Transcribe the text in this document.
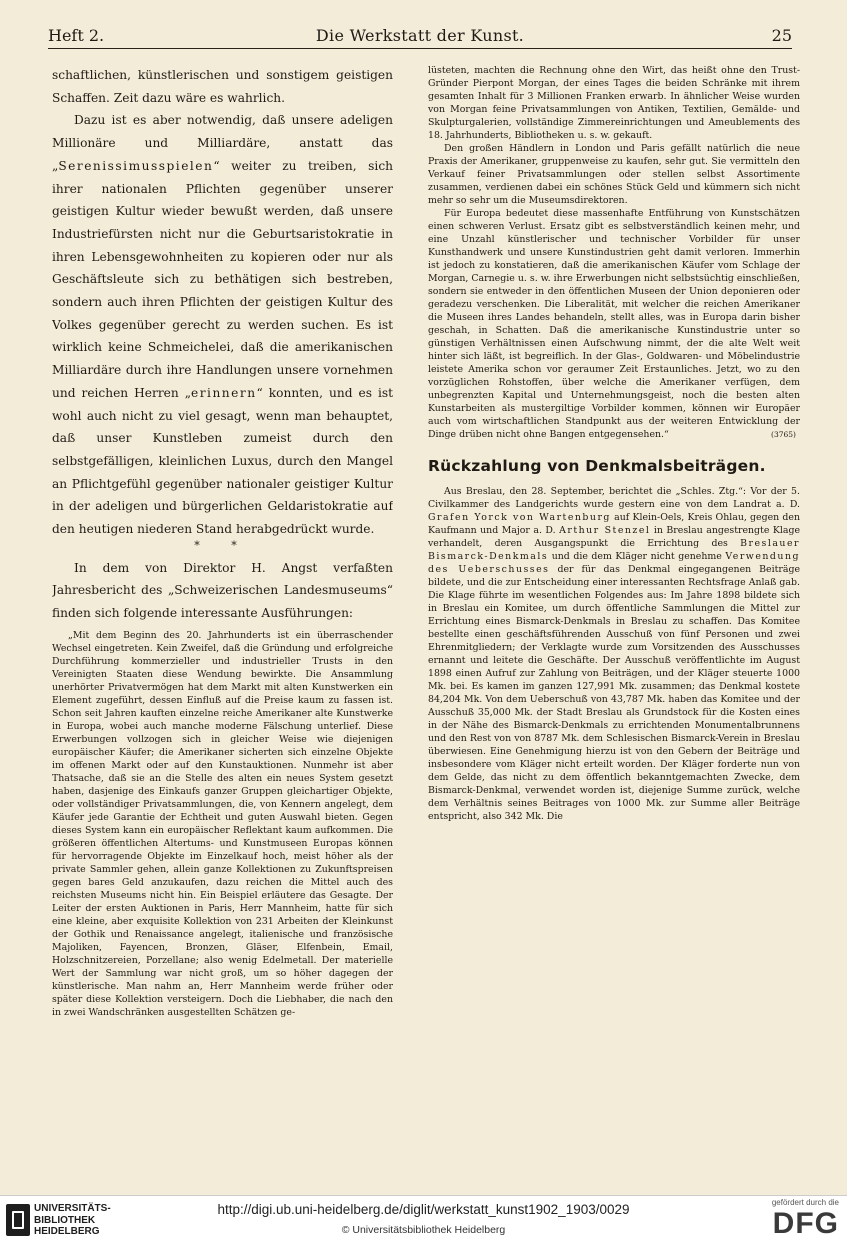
Heft 2.	Die Werkstatt der Kunst.	25

schaftlichen, künstlerischen und sonstigem geistigen Schaffen. Zeit dazu wäre es wahrlich.

Dazu ist es aber notwendig, daß unsere adeligen Millionäre und Milliardäre, anstatt das „Serenissimusspielen“ weiter zu treiben, sich ihrer nationalen Pflichten gegenüber unserer geistigen Kultur wieder bewußt werden, daß unsere Industriefürsten nicht nur die Geburtsaristokratie in ihren Lebensgewohnheiten zu kopieren oder nur als Geschäftsleute sich zu bethätigen sich bestreben, sondern auch ihren Pflichten der geistigen Kultur des Volkes gegenüber gerecht zu werden suchen. Es ist wirklich keine Schmeichelei, daß die amerikanischen Milliardäre durch ihre Handlungen unsere vornehmen und reichen Herren „erinnern“ konnten, und es ist wohl auch nicht zu viel gesagt, wenn man behauptet, daß unser Kunstleben zumeist durch den selbstgefälligen, kleinlichen Luxus, durch den Mangel an Pflichtgefühl gegenüber nationaler geistiger Kultur in der adeligen und bürgerlichen Geldaristokratie auf den heutigen niederen Stand herabgedrückt wurde.

* *

In dem von Direktor H. Angst verfaßten Jahresbericht des „Schweizerischen Landesmuseums“ finden sich folgende interessante Ausführungen:

„Mit dem Beginn des 20. Jahrhunderts ist ein überraschender Wechsel eingetreten. Kein Zweifel, daß die Gründung und erfolgreiche Durchführung kommerzieller und industrieller Trusts in den Vereinigten Staaten diese Wendung bewirkte. Die Ansammlung unerhörter Privatvermögen hat dem Markt mit alten Kunstwerken ein Element zugeführt, dessen Einfluß auf die Preise kaum zu fassen ist. Schon seit Jahren kauften einzelne reiche Amerikaner alte Kunstwerke in Europa, wobei auch manche moderne Fälschung unterlief. Diese Erwerbungen vollzogen sich in gleicher Weise wie diejenigen europäischer Käufer; die Amerikaner sicherten sich einzelne Objekte im offenen Markt oder auf den Kunstauktionen. Nunmehr ist aber Thatsache, daß sie an die Stelle des alten ein neues System gesetzt haben, dasjenige des Einkaufs ganzer Gruppen gleichartiger Objekte, oder vollständiger Privatsammlungen, die, von Kennern angelegt, dem Käufer jede Garantie der Echtheit und guten Auswahl bieten. Gegen dieses System kann ein europäischer Reflektant kaum aufkommen. Die größeren öffentlichen Altertums- und Kunstmuseen Europas können für hervorragende Objekte im Einzelkauf hoch, meist höher als der private Sammler gehen, allein ganze Kollektionen zu Zukunftspreisen gegen bares Geld anzukaufen, dazu reichen die Mittel auch des reichsten Museums nicht hin. Ein Beispiel erläutere das Gesagte. Der Leiter der ersten Auktionen in Paris, Herr Mannheim, hatte für sich eine kleine, aber exquisite Kollektion von 231 Arbeiten der Kleinkunst der Gothik und Renaissance angelegt, italienische und französische Majoliken, Fayencen, Bronzen, Gläser, Elfenbein, Email, Holzschnitzereien, Porzellane; also wenig Edelmetall. Der materielle Wert der Sammlung war nicht groß, um so höher dagegen der künstlerische. Man nahm an, Herr Mannheim werde früher oder später diese Kollektion versteigern. Doch die Liebhaber, die nach den in zwei Wandschränken ausgestellten Schätzen ge-

lüsteten, machten die Rechnung ohne den Wirt, das heißt ohne den Trust-Gründer Pierpont Morgan, der eines Tages die beiden Schränke mit ihrem gesamten Inhalt für 3 Millionen Franken erwarb. In ähnlicher Weise wurden von Morgan feine Privatsammlungen von Antiken, Textilien, Gemälde- und Skulpturgalerien, vollständige Zimmereinrichtungen und Ameublements des 18. Jahrhunderts, Bibliotheken u. s. w. gekauft.

Den großen Händlern in London und Paris gefällt natürlich die neue Praxis der Amerikaner, gruppenweise zu kaufen, sehr gut. Sie vermitteln den Verkauf feiner Privatsammlungen oder stellen selbst Assortimente zusammen, verdienen dabei ein schönes Stück Geld und kümmern sich nicht mehr so sehr um die Museumsdirektoren.

Für Europa bedeutet diese massenhafte Entführung von Kunstschätzen einen schweren Verlust. Ersatz gibt es selbstverständlich keinen mehr, und eine Unzahl künstlerischer und technischer Vorbilder für unser Kunsthandwerk und unsere Kunstindustrien geht damit verloren. Immerhin ist jedoch zu konstatieren, daß die amerikanischen Käufer vom Schlage der Morgan, Carnegie u. s. w. ihre Erwerbungen nicht selbstsüchtig einschließen, sondern sie entweder in den öffentlichen Museen der Union deponieren oder geradezu verschenken. Die Liberalität, mit welcher die reichen Amerikaner die Museen ihres Landes behandeln, stellt alles, was in Europa darin bisher geschah, in Schatten. Daß die amerikanische Kunstindustrie unter so günstigen Verhältnissen einen Aufschwung nimmt, der die alte Welt weit hinter sich läßt, ist begreiflich. In der Glas-, Goldwaren- und Möbelindustrie leistete Amerika schon vor geraumer Zeit Erstaunliches. Jetzt, wo zu den vorzüglichen Rohstoffen, über welche die Amerikaner verfügen, dem unbegrenzten Kapital und Unternehmungsgeist, noch die besten alten Kunstarbeiten als mustergiltige Vorbilder kommen, können wir Europäer auch vom wirtschaftlichen Standpunkt aus der weiteren Entwicklung der Dinge drüben nicht ohne Bangen entgegensehen.“	(3765)

Rückzahlung von Denkmalsbeiträgen.

Aus Breslau, den 28. September, berichtet die „Schles. Ztg.“: Vor der 5. Civilkammer des Landgerichts wurde gestern eine von dem Landrat a. D. Grafen Yorck von Wartenburg auf Klein-Oels, Kreis Ohlau, gegen den Kaufmann und Major a. D. Arthur Stenzel in Breslau angestrengte Klage verhandelt, deren Ausgangspunkt die Errichtung des Breslauer Bismarck-Denkmals und die dem Kläger nicht genehme Verwendung des Ueberschusses der für das Denkmal eingegangenen Beiträge bildete, und die zur Entscheidung einer interessanten Rechtsfrage Anlaß gab. Die Klage führte im wesentlichen Folgendes aus: Im Jahre 1898 bildete sich in Breslau ein Komitee, um durch öffentliche Sammlungen die Mittel zur Errichtung eines Bismarck-Denkmals in Breslau zu schaffen. Das Komitee bestellte einen geschäftsführenden Ausschuß von fünf Personen und zwei Ehrenmitgliedern; der Verklagte wurde zum Vorsitzenden des Ausschusses ernannt und leitete die Geschäfte. Der Ausschuß veröffentlichte im August 1898 einen Aufruf zur Zahlung von Beiträgen, und der Kläger steuerte 1000 Mk. bei. Es kamen im ganzen 127,991 Mk. zusammen; das Denkmal kostete 84,204 Mk. Von dem Ueberschuß von 43,787 Mk. haben das Komitee und der Ausschuß 35,000 Mk. der Stadt Breslau als Grundstock für die Kosten eines in der Nähe des Bismarck-Denkmals zu errichtenden Monumentalbrunnens und den Rest von von 8787 Mk. dem Schlesischen Bismarck-Verein in Breslau überwiesen. Eine Genehmigung hierzu ist von den Gebern der Beiträge und insbesondere vom Kläger nicht erteilt worden. Der Kläger forderte nun von dem Gelde, das nicht zu dem öffentlich bekanntgemachten Zwecke, dem Bismarck-Denkmal, verwendet worden ist, diejenige Summe zurück, welche dem Verhältnis seines Beitrages von 1000 Mk. zur Summe aller Beiträge entspricht, also 342 Mk. Die

UNIVERSITÄTS-
BIBLIOTHEK
HEIDELBERG
http://digi.ub.uni-heidelberg.de/diglit/werkstatt_kunst1902_1903/0029
© Universitätsbibliothek Heidelberg
gefördert durch die
DFG
